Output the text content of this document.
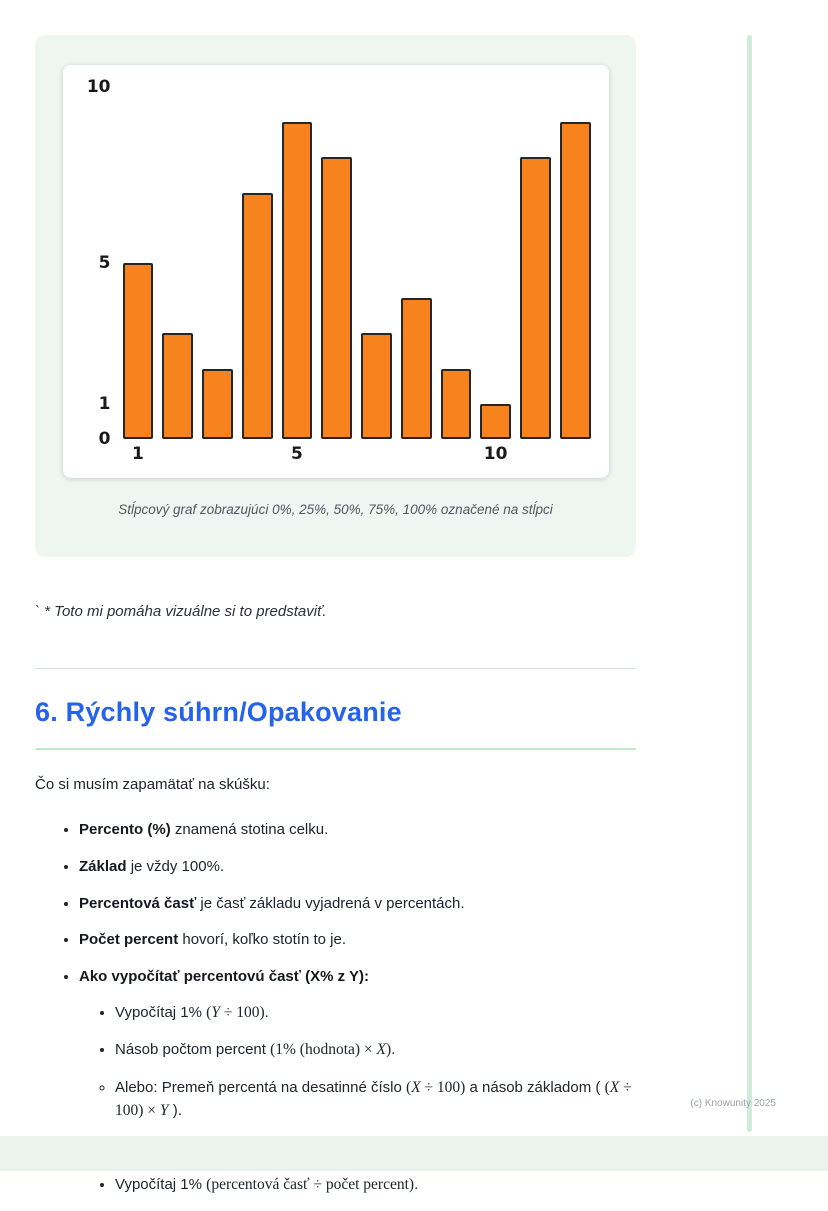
0
1
5
10
1	5	10

Stĺpcový graf zobrazujúci 0%, 25%, 50%, 75%, 100% označené na stĺpci

` * Toto mi pomáha vizuálne si to predstaviť.

6. Rýchly súhrn/Opakovanie

Čo si musím zapamätať na skúšku:

• Percento (%) znamená stotina celku.
• Základ je vždy 100%.
• Percentová časť je časť základu vyjadrená v percentách.
• Počet percent hovorí, koľko stotín to je.
• Ako vypočítať percentovú časť (X% z Y):
• Vypočítaj 1% (Y ÷ 100).
• Násob počtom percent (1% (hodnota) × X).
◦ Alebo: Premeň percentá na desatinné číslo (X ÷ 100) a násob základom ( (X ÷ 100) × Y ).
• • Vypočítaj 1% (percentová časť ÷ počet percent).
(c) Knowunity 2025
